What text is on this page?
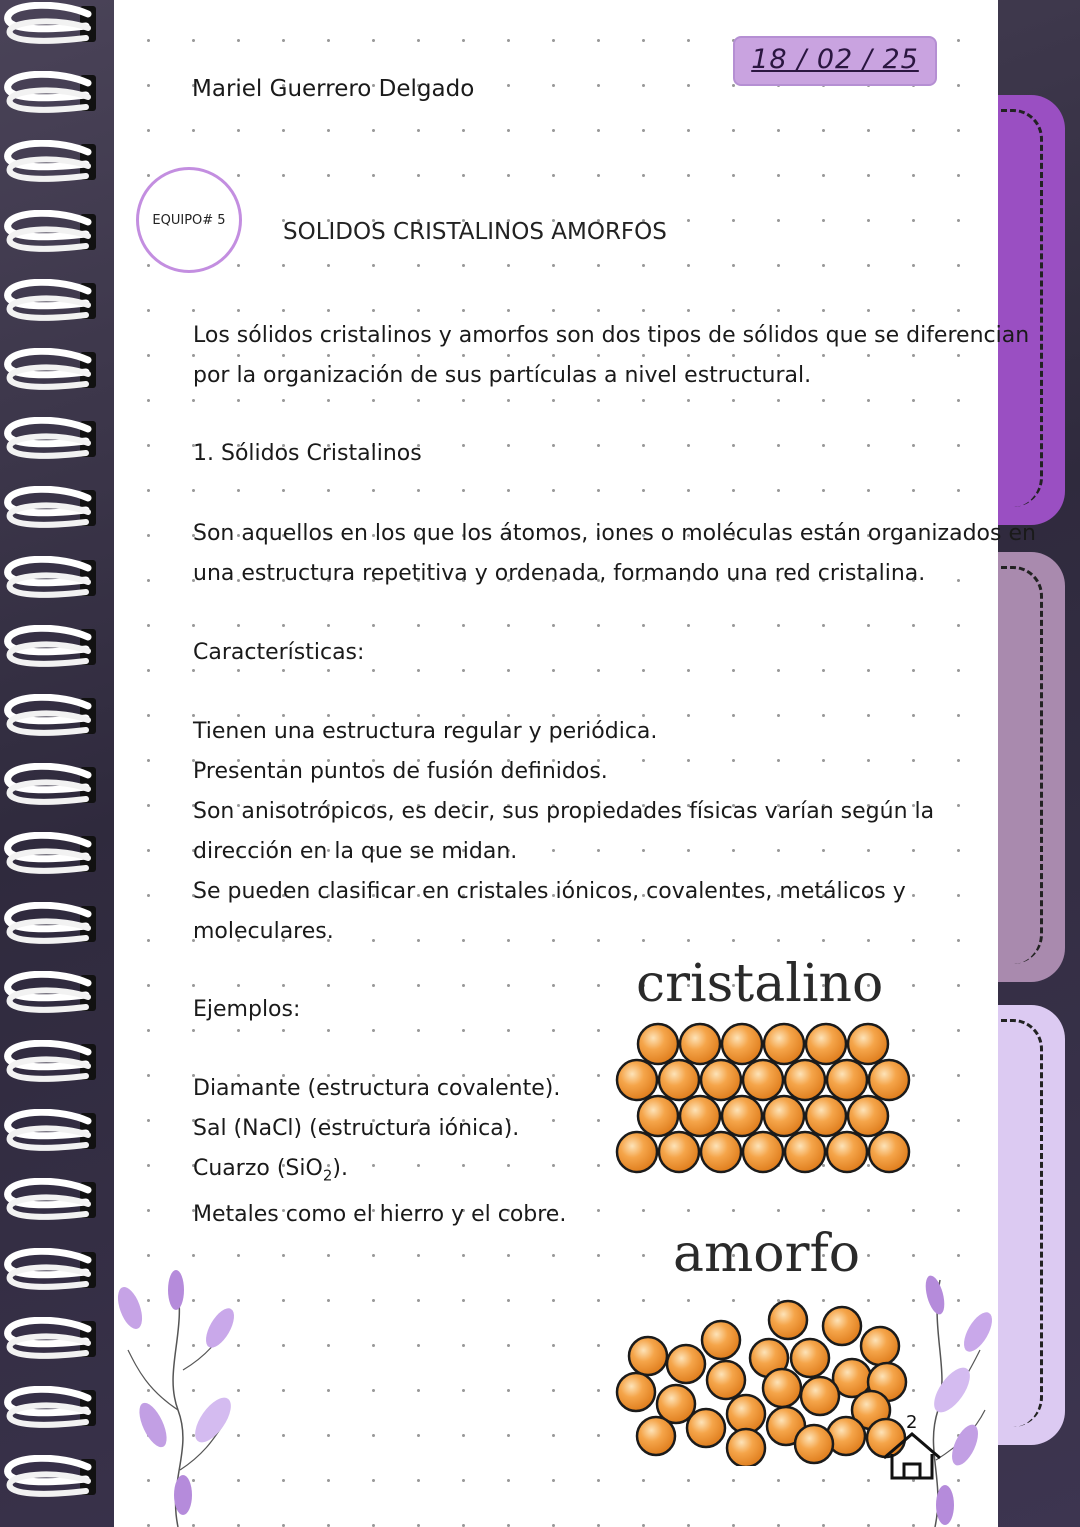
18 / 02 / 25
Mariel Guerrero Delgado
EQUIPO# 5 SOLIDOS CRISTALINOS AMORFOS

Los sólidos cristalinos y amorfos son dos tipos de sólidos que se diferencian

por la organización de sus partículas a nivel estructural.

1. Sólidos Cristalinos

Son aquellos en los que los átomos, iones o moléculas están organizados en

una estructura repetitiva y ordenada, formando una red cristalina.

Características:

Tienen una estructura regular y periódica.

Presentan puntos de fusión definidos.

Son anisotrópicos, es decir, sus propiedades físicas varían según la

dirección en la que se midan.

Se pueden clasificar en cristales iónicos, covalentes, metálicos y

moleculares.

Ejemplos:

Diamante (estructura covalente).

Sal (NaCl) (estructura iónica).

Cuarzo (SiO$_2$).

Metales como el hierro y el cobre.

cristalino
amorfo
2
